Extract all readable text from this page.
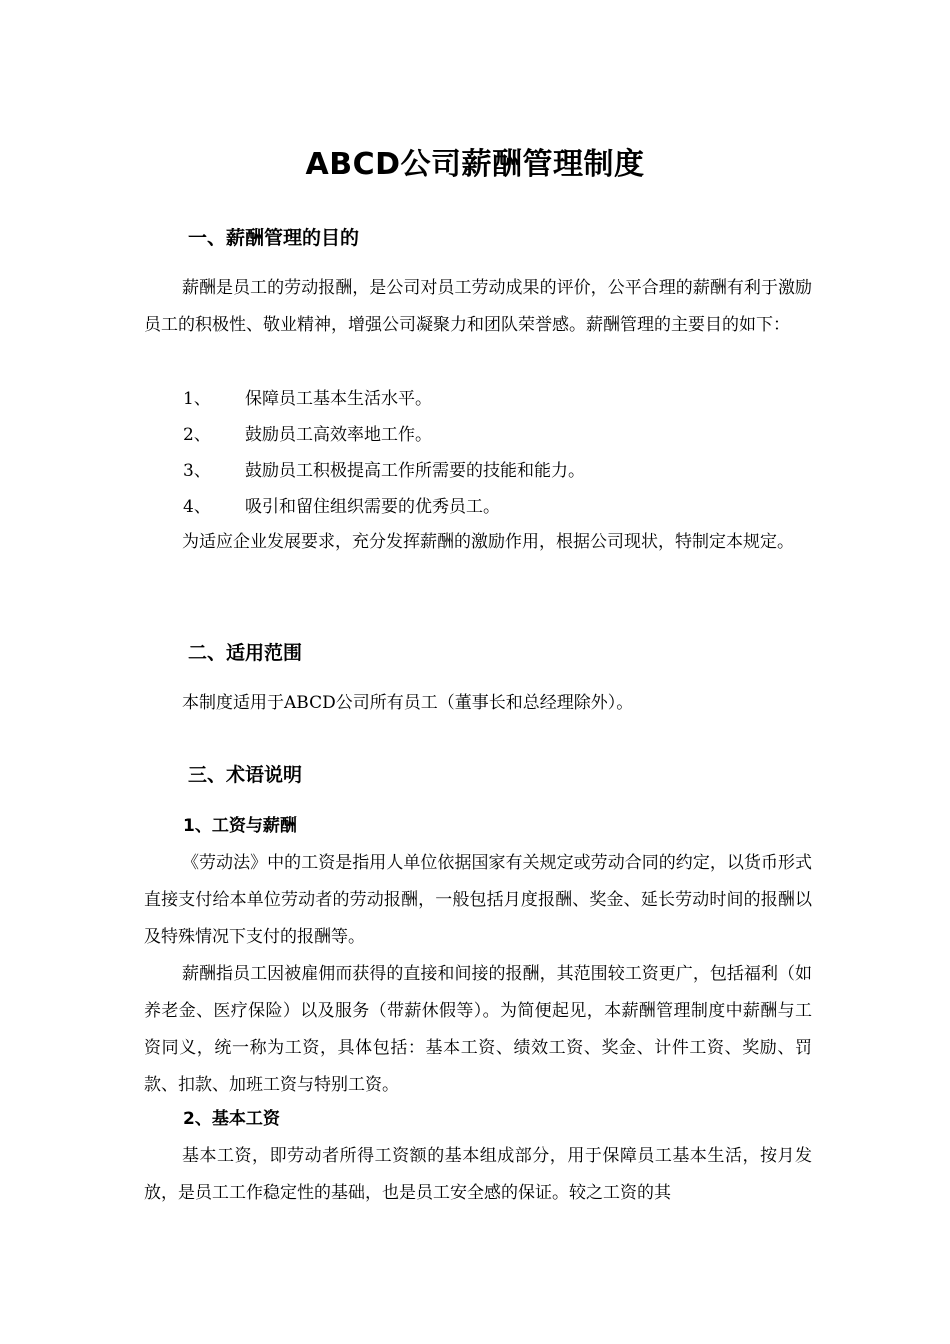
ABCD公司薪酬管理制度
一、薪酬管理的目的

薪酬是员工的劳动报酬，是公司对员工劳动成果的评价，公平合理的薪酬有利于激励员工的积极性、敬业精神，增强公司凝聚力和团队荣誉感。薪酬管理的主要目的如下：

1、 保障员工基本生活水平。
2、 鼓励员工高效率地工作。
3、 鼓励员工积极提高工作所需要的技能和能力。
4、 吸引和留住组织需要的优秀员工。

为适应企业发展要求，充分发挥薪酬的激励作用，根据公司现状，特制定本规定。

二、适用范围

本制度适用于ABCD公司所有员工（董事长和总经理除外）。

三、术语说明
1、工资与薪酬

《劳动法》中的工资是指用人单位依据国家有关规定或劳动合同的约定，以货币形式直接支付给本单位劳动者的劳动报酬，一般包括月度报酬、奖金、延长劳动时间的报酬以及特殊情况下支付的报酬等。

薪酬指员工因被雇佣而获得的直接和间接的报酬，其范围较工资更广，包括福利（如养老金、医疗保险）以及服务（带薪休假等）。为简便起见，本薪酬管理制度中薪酬与工资同义，统一称为工资，具体包括：基本工资、绩效工资、奖金、计件工资、奖励、罚款、扣款、加班工资与特别工资。

2、基本工资

基本工资，即劳动者所得工资额的基本组成部分，用于保障员工基本生活，按月发放，是员工工作稳定性的基础，也是员工安全感的保证。较之工资的其
